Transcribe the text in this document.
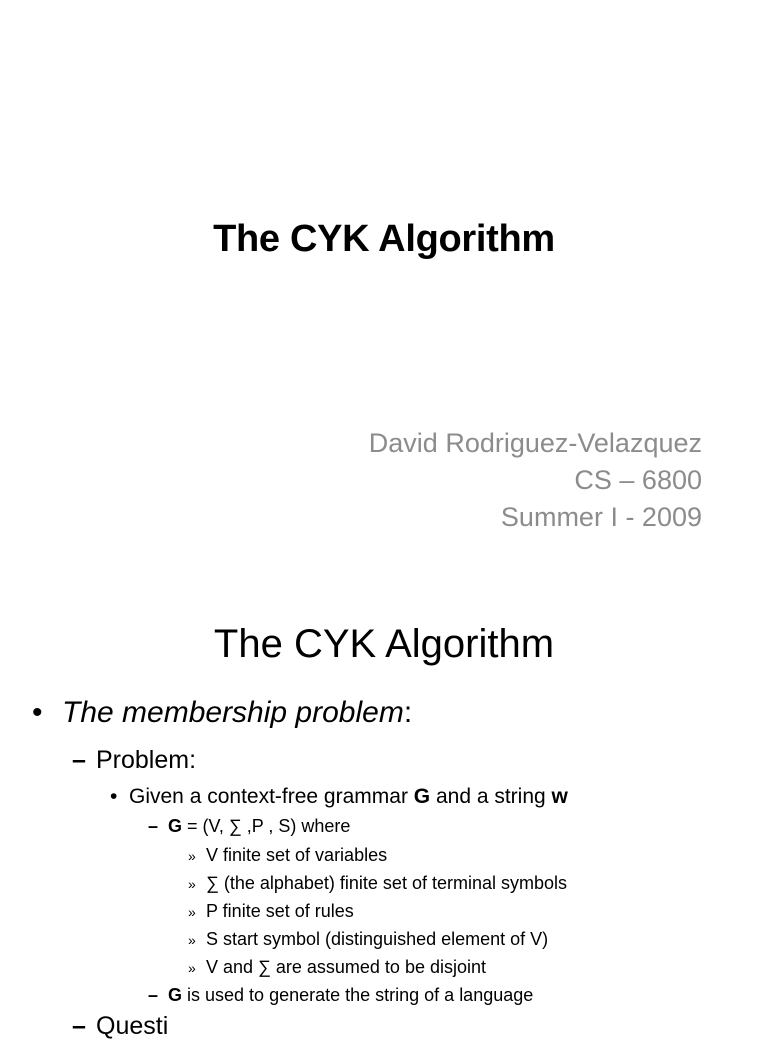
The CYK Algorithm
David Rodriguez-Velazquez
CS – 6800
Summer I - 2009
The CYK Algorithm
• The membership problem:
– Problem:
• Given a context-free grammar G and a string w
– G = (V, ∑ ,P , S) where
» V finite set of variables
» ∑ (the alphabet) finite set of terminal symbols
» P finite set of rules
» S start symbol (distinguished element of V)
» V and ∑ are assumed to be disjoint
– G is used to generate the string of a language
– Questi
